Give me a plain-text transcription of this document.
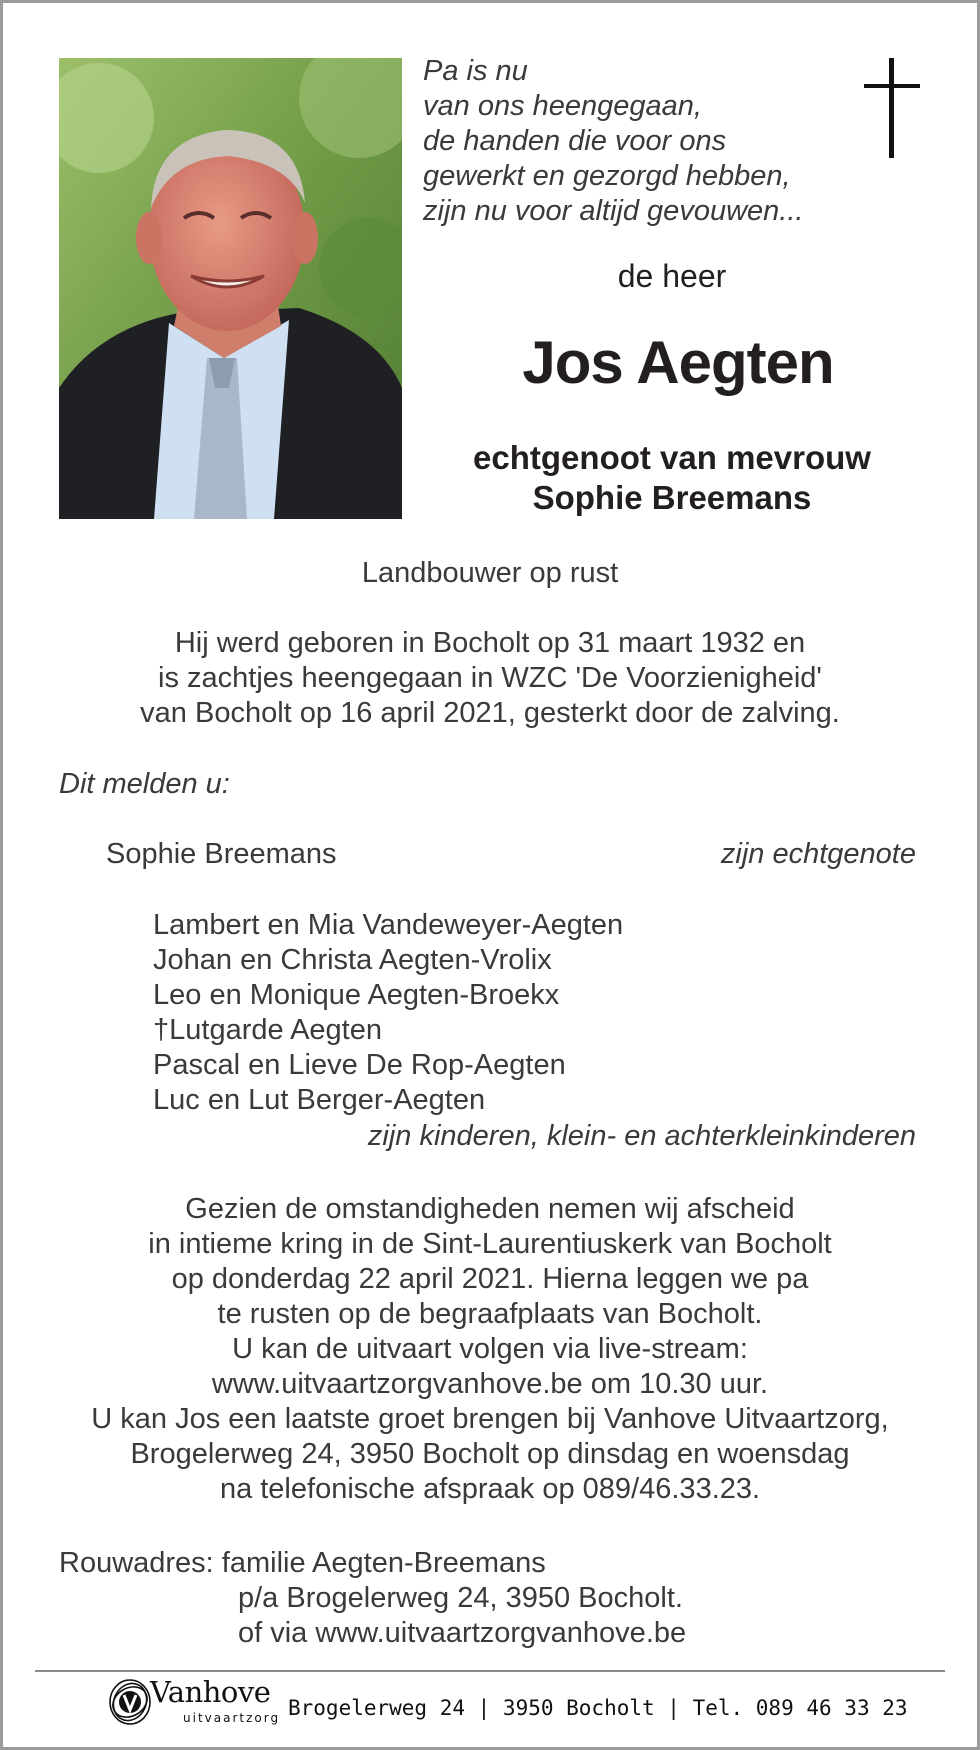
Pa is nu
van ons heengegaan,
de handen die voor ons
gewerkt en gezorgd hebben,
zijn nu voor altijd gevouwen...
de heer
Jos Aegten
echtgenoot van mevrouw
Sophie Breemans
Landbouwer op rust
Hij werd geboren in Bocholt op 31 maart 1932 en
is zachtjes heengegaan in WZC 'De Voorzienigheid'
van Bocholt op 16 april 2021, gesterkt door de zalving.
Dit melden u:
Sophie Breemans	zijn echtgenote
Lambert en Mia Vandeweyer-Aegten
Johan en Christa Aegten-Vrolix
Leo en Monique Aegten-Broekx
†Lutgarde Aegten
Pascal en Lieve De Rop-Aegten
Luc en Lut Berger-Aegten
zijn kinderen, klein- en achterkleinkinderen
Gezien de omstandigheden nemen wij afscheid
in intieme kring in de Sint-Laurentiuskerk van Bocholt
op donderdag 22 april 2021. Hierna leggen we pa
te rusten op de begraafplaats van Bocholt.
U kan de uitvaart volgen via live-stream:
www.uitvaartzorgvanhove.be om 10.30 uur.
U kan Jos een laatste groet brengen bij Vanhove Uitvaartzorg,
Brogelerweg 24, 3950 Bocholt op dinsdag en woensdag
na telefonische afspraak op 089/46.33.23.
Rouwadres: familie Aegten-Breemans
p/a Brogelerweg 24, 3950 Bocholt.
of via www.uitvaartzorgvanhove.be
Vanhove
uitvaartzorg Brogelerweg 24 | 3950 Bocholt | Tel. 089 46 33 23
